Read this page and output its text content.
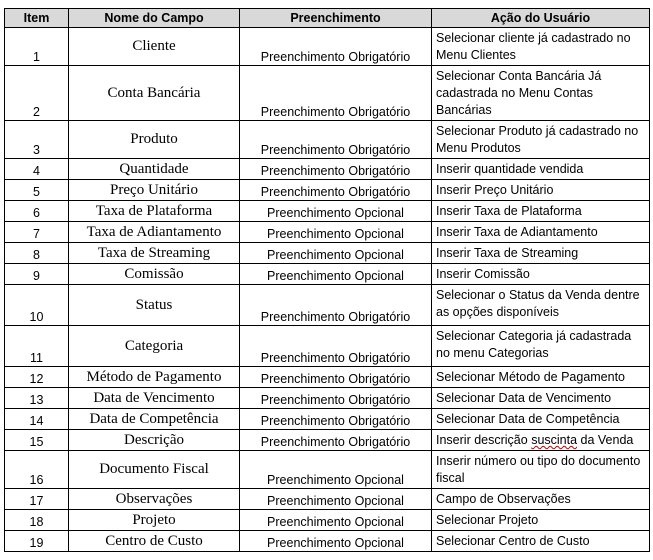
Item	Nome do Campo	Preenchimento	Ação do Usuário
1	Cliente	Preenchimento Obrigatório	Selecionar cliente já cadastrado no Menu Clientes
2	Conta Bancária	Preenchimento Obrigatório	Selecionar Conta Bancária Já cadastrada no Menu Contas Bancárias
3	Produto	Preenchimento Obrigatório	Selecionar Produto já cadastrado no Menu Produtos
4	Quantidade	Preenchimento Obrigatório	Inserir quantidade vendida
5	Preço Unitário	Preenchimento Obrigatório	Inserir Preço Unitário
6	Taxa de Plataforma	Preenchimento Opcional	Inserir Taxa de Plataforma
7	Taxa de Adiantamento	Preenchimento Opcional	Inserir Taxa de Adiantamento
8	Taxa de Streaming	Preenchimento Opcional	Inserir Taxa de Streaming
9	Comissão	Preenchimento Opcional	Inserir Comissão
10	Status	Preenchimento Obrigatório	Selecionar o Status da Venda dentre as opções disponíveis
11	Categoria	Preenchimento Obrigatório	Selecionar Categoria já cadastrada no menu Categorias
12	Método de Pagamento	Preenchimento Obrigatório	Selecionar Método de Pagamento
13	Data de Vencimento	Preenchimento Obrigatório	Selecionar Data de Vencimento
14	Data de Competência	Preenchimento Obrigatório	Selecionar Data de Competência
15	Descrição	Preenchimento Obrigatório	Inserir descrição suscinta da Venda
16	Documento Fiscal	Preenchimento Opcional	Inserir número ou tipo do documento fiscal
17	Observações	Preenchimento Opcional	Campo de Observações
18	Projeto	Preenchimento Opcional	Selecionar Projeto
19	Centro de Custo	Preenchimento Opcional	Selecionar Centro de Custo
